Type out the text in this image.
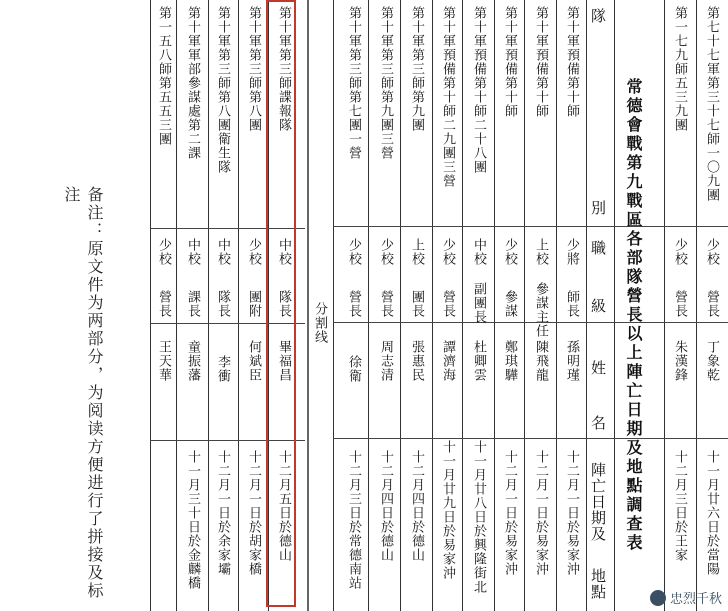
常德會戰第九戰區各部隊營長以上陣亡日期及地點調查表
隊
別
職
級
姓
名
陣亡日期及
地點
分割线
第七十七軍第三十七師一〇九團
少校
營長
丁象乾
十一月廿六日於當陽
第一七九師五三九團
少校
營長
朱漢鋒
十二月三日於王家
第十軍預備第十師
少將
師長
孫明瑾
十二月一日於易家沖
第十軍預備第十師
上校
參謀主任
陳飛龍
十二月一日於易家沖
第十軍預備第十師
少校
參謀
鄭琪驊
十二月一日於易家沖
第十軍預備第十師二十八團
中校
副團長
杜卿雲
十一月廿八日於興隆街北
第十軍預備第十師二九團三營
少校
營長
譚濟海
十一月廿九日於易家沖
第十軍第三師第九團
上校
團長
張惠民
十二月四日於德山
第十軍第三師第九團三營
少校
營長
周志清
十二月四日於德山
第十軍第三師第七團一營
少校
營長
徐衛
十二月三日於常德南站
第十軍第三師諜報隊
中校
隊長
畢福昌
十二月五日於德山
第十軍第三師第八團
少校
團附
何斌臣
十二月一日於胡家橋
第十軍第三師第八團衛生隊
中校
隊長
李衝
十二月一日於余家壩
第十軍軍部參謀處第二課
中校
課長
童振藩
十一月三十日於金麟橋
第一五八師第五五三團
少校
營長
王天華
备注：原文件为两部分，为阅读方便进行了拼接及标注
忠烈千秋
